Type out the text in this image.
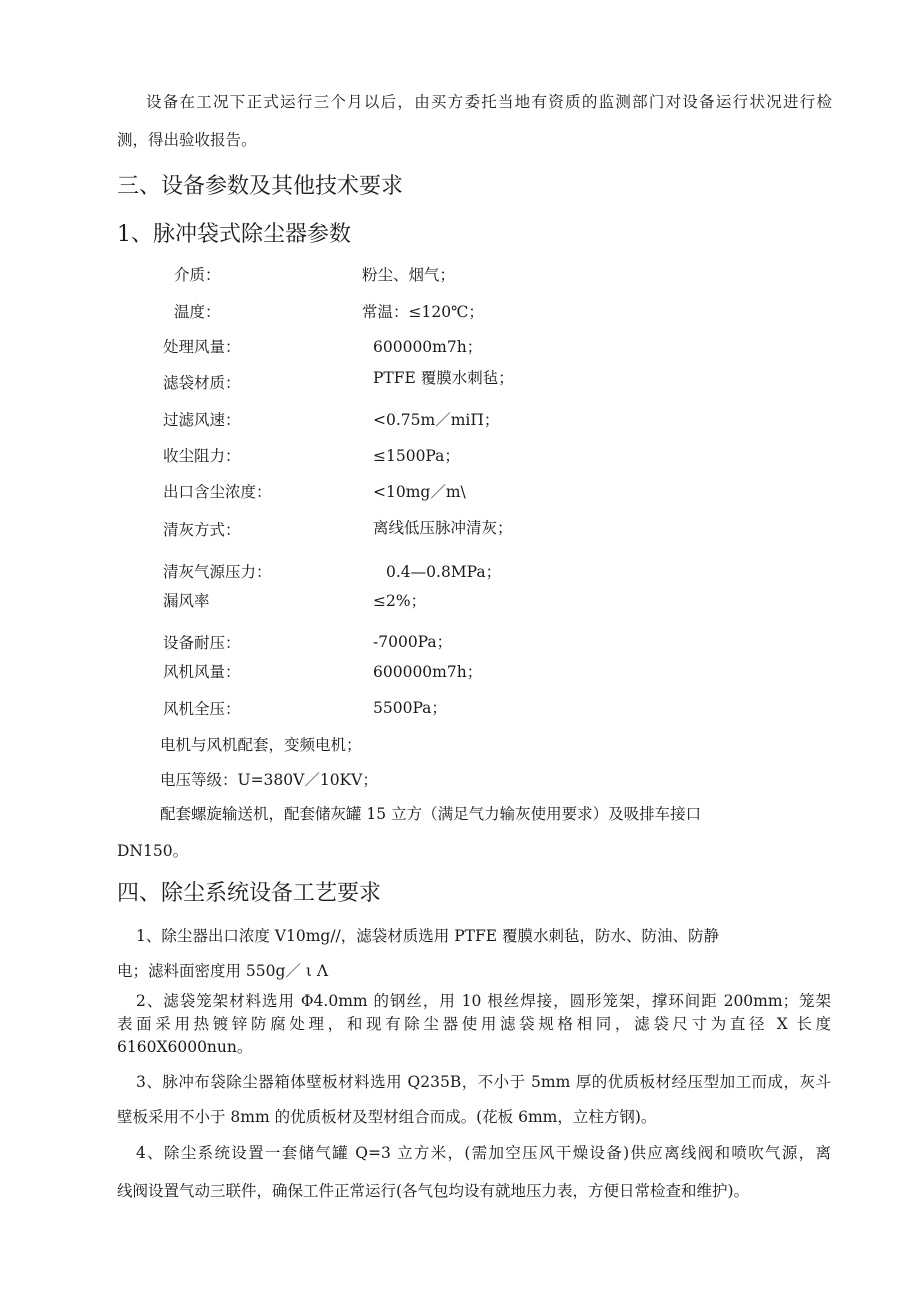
设备在工况下正式运行三个月以后，由买方委托当地有资质的监测部门对设备运行状况进行检
测，得出验收报告。
三、设备参数及其他技术要求
1、脉冲袋式除尘器参数
介质：	粉尘、烟气；
温度：	常温：≤120℃；
处理风量：	600000m7h；
滤袋材质：	PTFE 覆膜水刺毡；
过滤风速：	<0.75m／miΠ；
收尘阻力：	≤1500Pa；
出口含尘浓度：	<10mg／m\
清灰方式：	离线低压脉冲清灰；
清灰气源压力：	0.4—0.8MPa；
漏风率	≤2%；
设备耐压：	-7000Pa；
风机风量：	600000m7h；
风机全压：	5500Pa；
电机与风机配套，变频电机；
电压等级：U=380V／10KV；
配套螺旋输送机，配套储灰罐 15 立方（满足气力输灰使用要求）及吸排车接口
DN150。
四、除尘系统设备工艺要求
1、除尘器出口浓度 V10mg//，滤袋材质选用 PTFE 覆膜水刺毡，防水、防油、防静
电；滤料面密度用 550g／ ι Λ
2、滤袋笼架材料选用 Φ4.0mm 的钢丝，用 10 根丝焊接，圆形笼架，撑环间距 200mm；笼架
表面采用热镀锌防腐处理，和现有除尘器使用滤袋规格相同，滤袋尺寸为直径 X 长度
6160X6000nun。
3、脉冲布袋除尘器箱体壁板材料选用 Q235B，不小于 5mm 厚的优质板材经压型加工而成，灰斗
壁板采用不小于 8mm 的优质板材及型材组合而成。(花板 6mm，立柱方钢)。
4、除尘系统设置一套储气罐 Q=3 立方米，(需加空压风干燥设备)供应离线阀和喷吹气源，离
线阀设置气动三联件，确保工件正常运行(各气包均设有就地压力表，方便日常检查和维护)。
